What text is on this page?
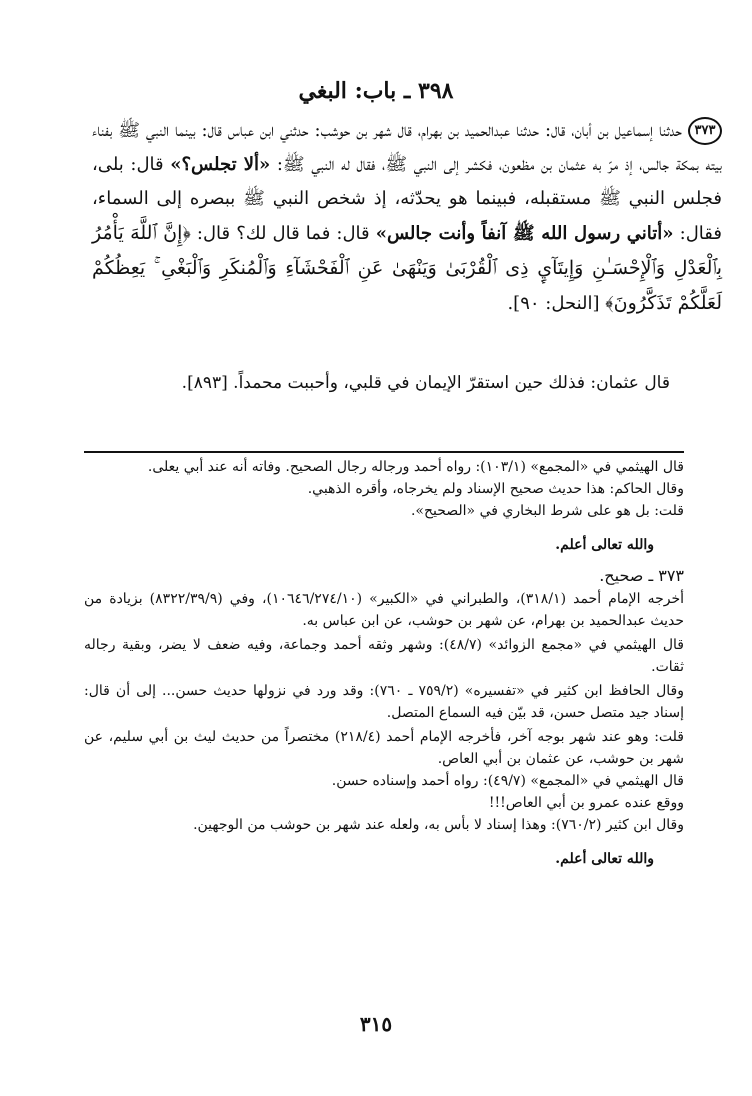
٣٩٨ ـ باب: البغي
٣٧٣حدثنا إسماعيل بن أبان، قال: حدثنا عبدالحميد بن بهرام، قال شهر بن حوشب: حدثني ابن عباس قال: بينما النبي ﷺ بفناء بيته بمكة جالس، إذ مرّ به عثمان بن مظعون، فكشر إلى النبي ﷺ، فقال له النبي ﷺ: «ألا تجلس؟» قال: بلى، فجلس النبي ﷺ مستقبله، فبينما هو يحدّثه، إذ شخص النبي ﷺ ببصره إلى السماء، فقال: «أتاني رسول الله ﷺ آنفاً وأنت جالس» قال: فما قال لك؟ قال: ﴿إِنَّ ٱللَّهَ يَأْمُرُ بِٱلْعَدْلِ وَٱلْإِحْسَـٰنِ وَإِيتَآيِٕ ذِى ٱلْقُرْبَىٰ وَيَنْهَىٰ عَنِ ٱلْفَحْشَآءِ وَٱلْمُنكَرِ وَٱلْبَغْىِ ۚ يَعِظُكُمْ لَعَلَّكُمْ تَذَكَّرُونَ﴾ [النحل: ٩٠].
قال عثمان: فذلك حين استقرّ الإيمان في قلبي، وأحببت محمداً. [٨٩٣].

قال الهيثمي في «المجمع» (١٠٣/١): رواه أحمد ورجاله رجال الصحيح. وفاته أنه عند أبي يعلى.

وقال الحاكم: هذا حديث صحيح الإسناد ولم يخرجاه، وأقره الذهبي.

قلت: بل هو على شرط البخاري في «الصحيح».

والله تعالى أعلم.

٣٧٣ ـ صحيح.

أخرجه الإمام أحمد (٣١٨/١)، والطبراني في «الكبير» (١٠٦٤٦/٢٧٤/١٠)، وفي (٨٣٢٢/٣٩/٩) بزيادة من حديث عبدالحميد بن بهرام، عن شهر بن حوشب، عن ابن عباس به.

قال الهيثمي في «مجمع الزوائد» (٤٨/٧): وشهر وثقه أحمد وجماعة، وفيه ضعف لا يضر، وبقية رجاله ثقات.

وقال الحافظ ابن كثير في «تفسيره» (٧٥٩/٢ ـ ٧٦٠): وقد ورد في نزولها حديث حسن... إلى أن قال: إسناد جيد متصل حسن، قد بيّن فيه السماع المتصل.

قلت: وهو عند شهر بوجه آخر، فأخرجه الإمام أحمد (٢١٨/٤) مختصراً من حديث ليث بن أبي سليم، عن شهر بن حوشب، عن عثمان بن أبي العاص.

قال الهيثمي في «المجمع» (٤٩/٧): رواه أحمد وإسناده حسن.

ووقع عنده عمرو بن أبي العاص!!!

وقال ابن كثير (٧٦٠/٢): وهذا إسناد لا بأس به، ولعله عند شهر بن حوشب من الوجهين.

والله تعالى أعلم.

٣١٥
